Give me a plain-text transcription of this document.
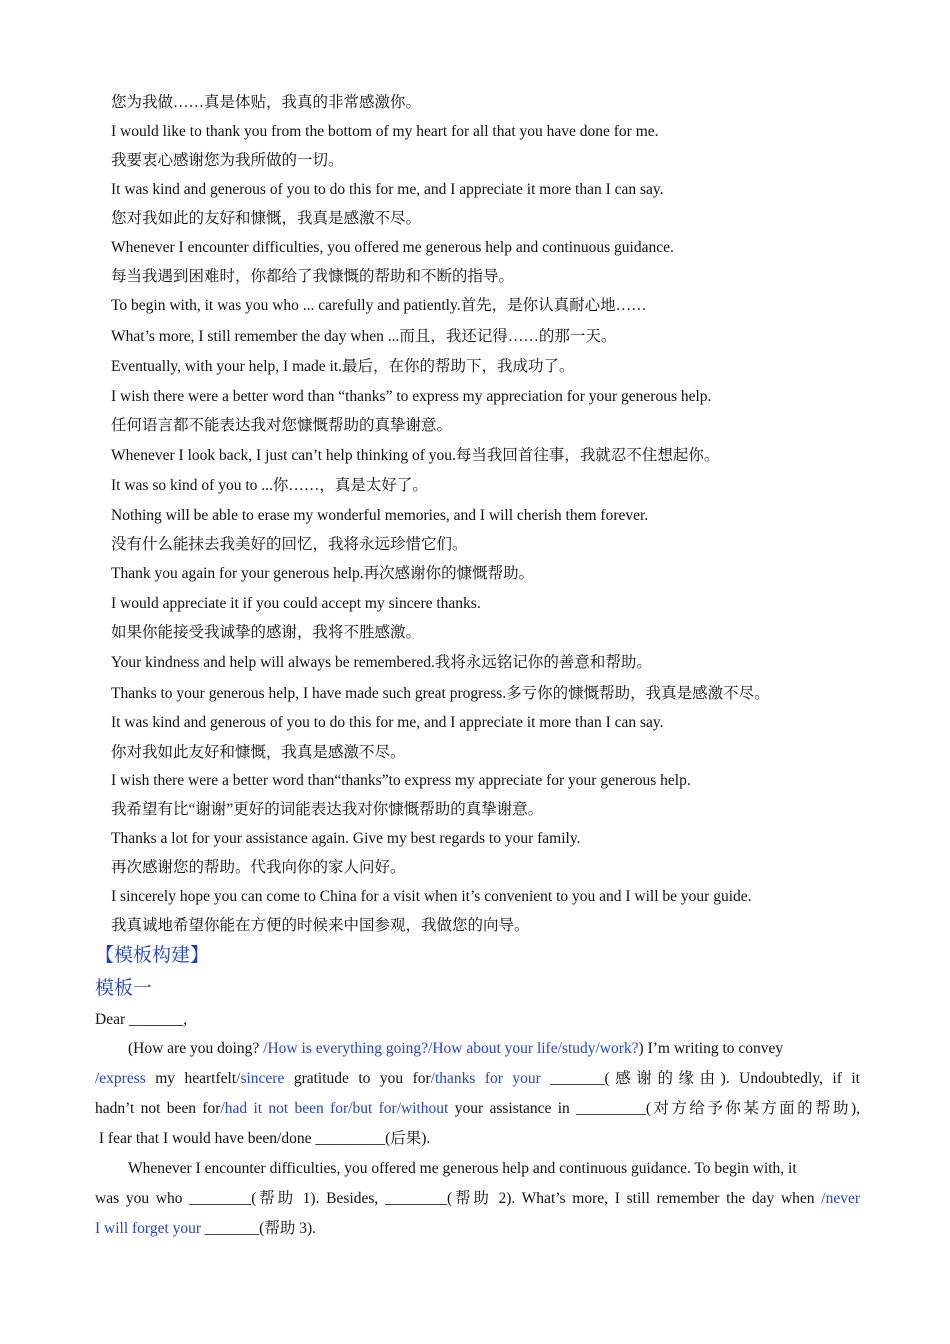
您为我做……真是体贴，我真的非常感激你。
I would like to thank you from the bottom of my heart for all that you have done for me.
我要衷心感谢您为我所做的一切。
It was kind and generous of you to do this for me, and I appreciate it more than I can say.
您对我如此的友好和慷慨，我真是感激不尽。
Whenever I encounter difficulties, you offered me generous help and continuous guidance.
每当我遇到困难时，你都给了我慷慨的帮助和不断的指导。
To begin with, it was you who ... carefully and patiently.首先，是你认真耐心地……
What’s more, I still remember the day when ...而且，我还记得……的那一天。
Eventually, with your help, I made it.最后，在你的帮助下，我成功了。
I wish there were a better word than “thanks” to express my appreciation for your generous help.
任何语言都不能表达我对您慷慨帮助的真挚谢意。
Whenever I look back, I just can’t help thinking of you.每当我回首往事，我就忍不住想起你。
It was so kind of you to ...你……，真是太好了。
Nothing will be able to erase my wonderful memories, and I will cherish them forever.
没有什么能抹去我美好的回忆，我将永远珍惜它们。
Thank you again for your generous help.再次感谢你的慷慨帮助。
I would appreciate it if you could accept my sincere thanks.
如果你能接受我诚挚的感谢，我将不胜感激。
Your kindness and help will always be remembered.我将永远铭记你的善意和帮助。
Thanks to your generous help, I have made such great progress.多亏你的慷慨帮助，我真是感激不尽。
It was kind and generous of you to do this for me, and I appreciate it more than I can say.
你对我如此友好和慷慨，我真是感激不尽。
I wish there were a better word than“thanks”to express my appreciate for your generous help.
我希望有比“谢谢”更好的词能表达我对你慷慨帮助的真挚谢意。
Thanks a lot for your assistance again. Give my best regards to your family.
再次感谢您的帮助。代我向你的家人问好。
I sincerely hope you can come to China for a visit when it’s convenient to you and I will be your guide.
我真诚地希望你能在方便的时候来中国参观，我做您的向导。
【模板构建】
模板一
Dear _______,
(How are you doing? /How is everything going?/How about your life/study/work?) I’m writing to convey
/express my heartfelt/sincere gratitude to you for/thanks for your _______(感谢的缘由). Undoubtedly, if it
hadn’t not been for/had it not been for/but for/without your assistance in _________(对方给予你某方面的帮助),
I fear that I would have been/done _________(后果).
Whenever I encounter difficulties, you offered me generous help and continuous guidance. To begin with, it
was you who ________(帮助 1). Besides, ________(帮助 2). What’s more, I still remember the day when /never
I will forget your _______(帮助 3).
